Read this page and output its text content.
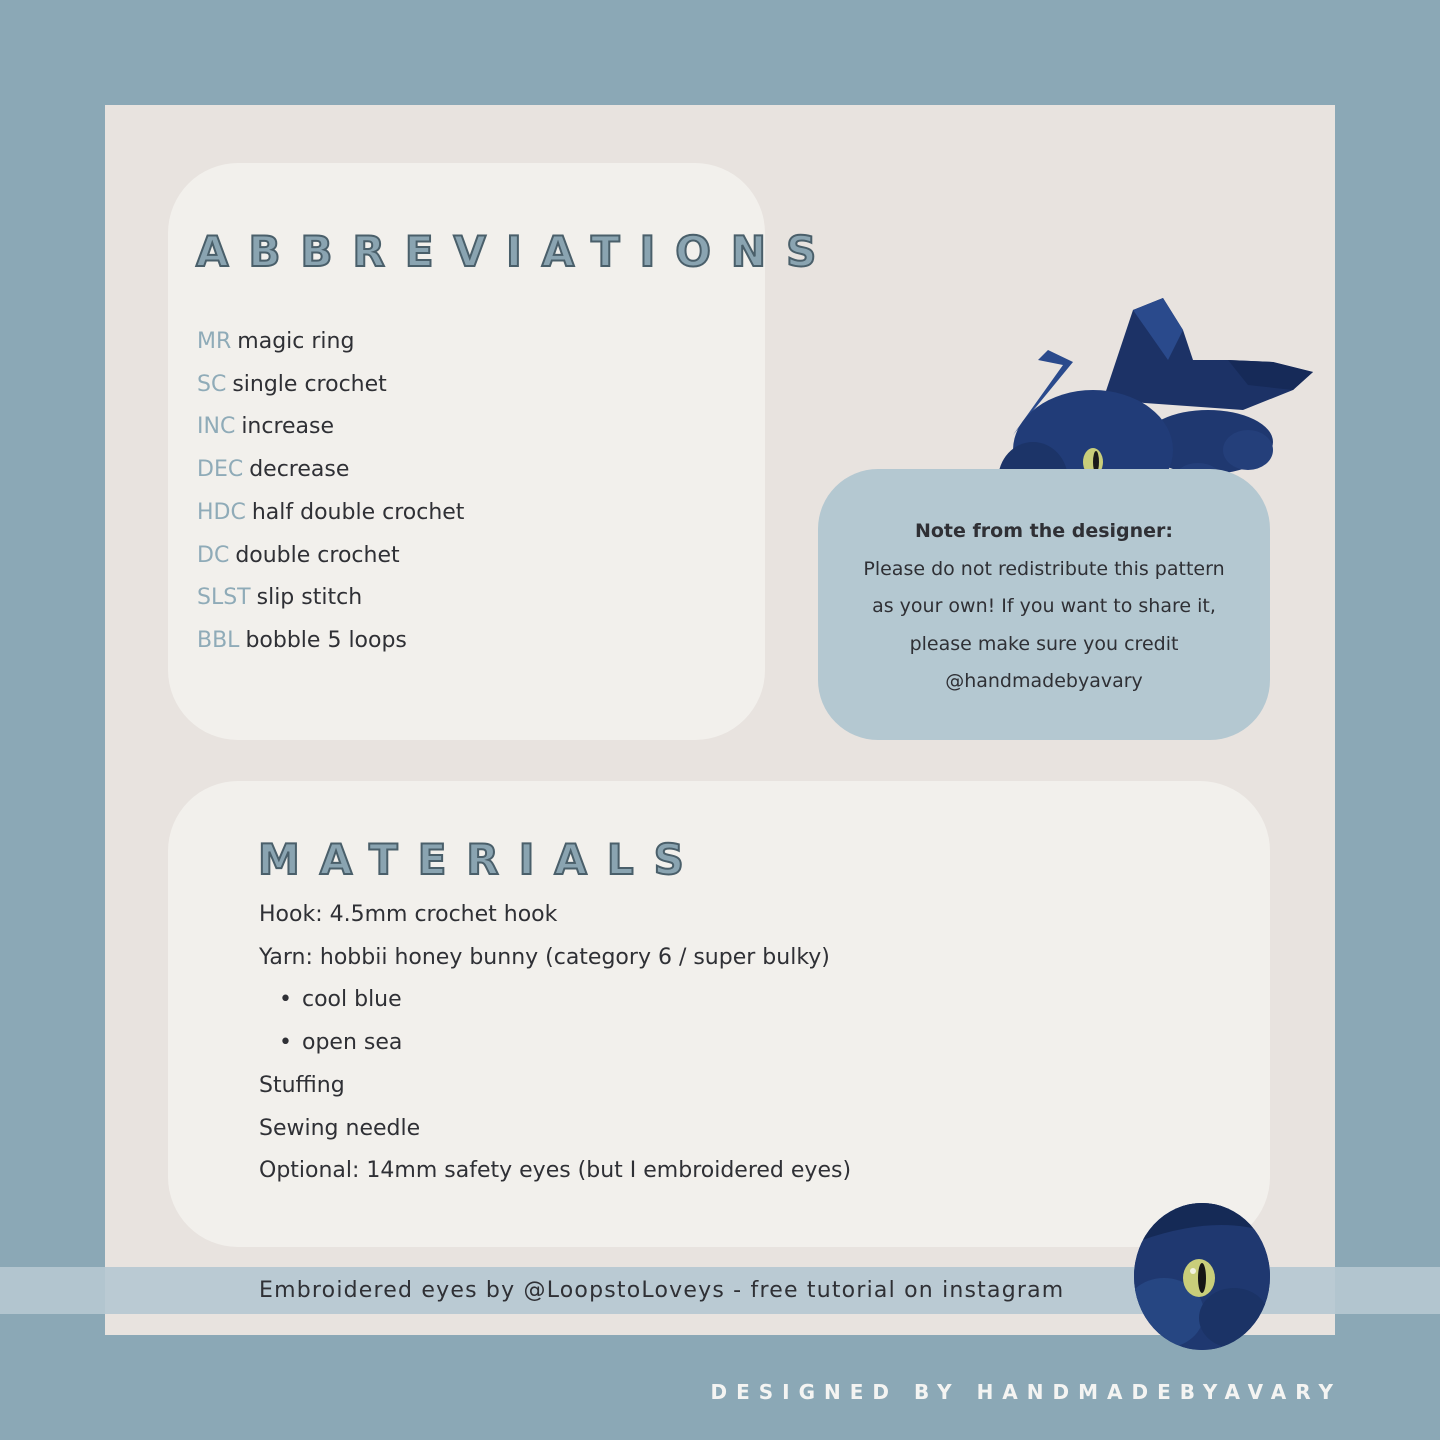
ABBREVIATIONS
MR magic ring
SC single crochet
INC increase
DEC decrease
HDC half double crochet
DC double crochet
SLST slip stitch
BBL bobble 5 loops
Note from the designer:
Please do not redistribute this pattern
as your own! If you want to share it,
please make sure you credit
@handmadebyavary
MATERIALS
Hook: 4.5mm crochet hook
Yarn: hobbii honey bunny (category 6 / super bulky)
• cool blue
• open sea
Stuffing
Sewing needle
Optional: 14mm safety eyes (but I embroidered eyes)
Embroidered eyes by @LoopstoLoveys - free tutorial on instagram
DESIGNED BY HANDMADEBYAVARY
